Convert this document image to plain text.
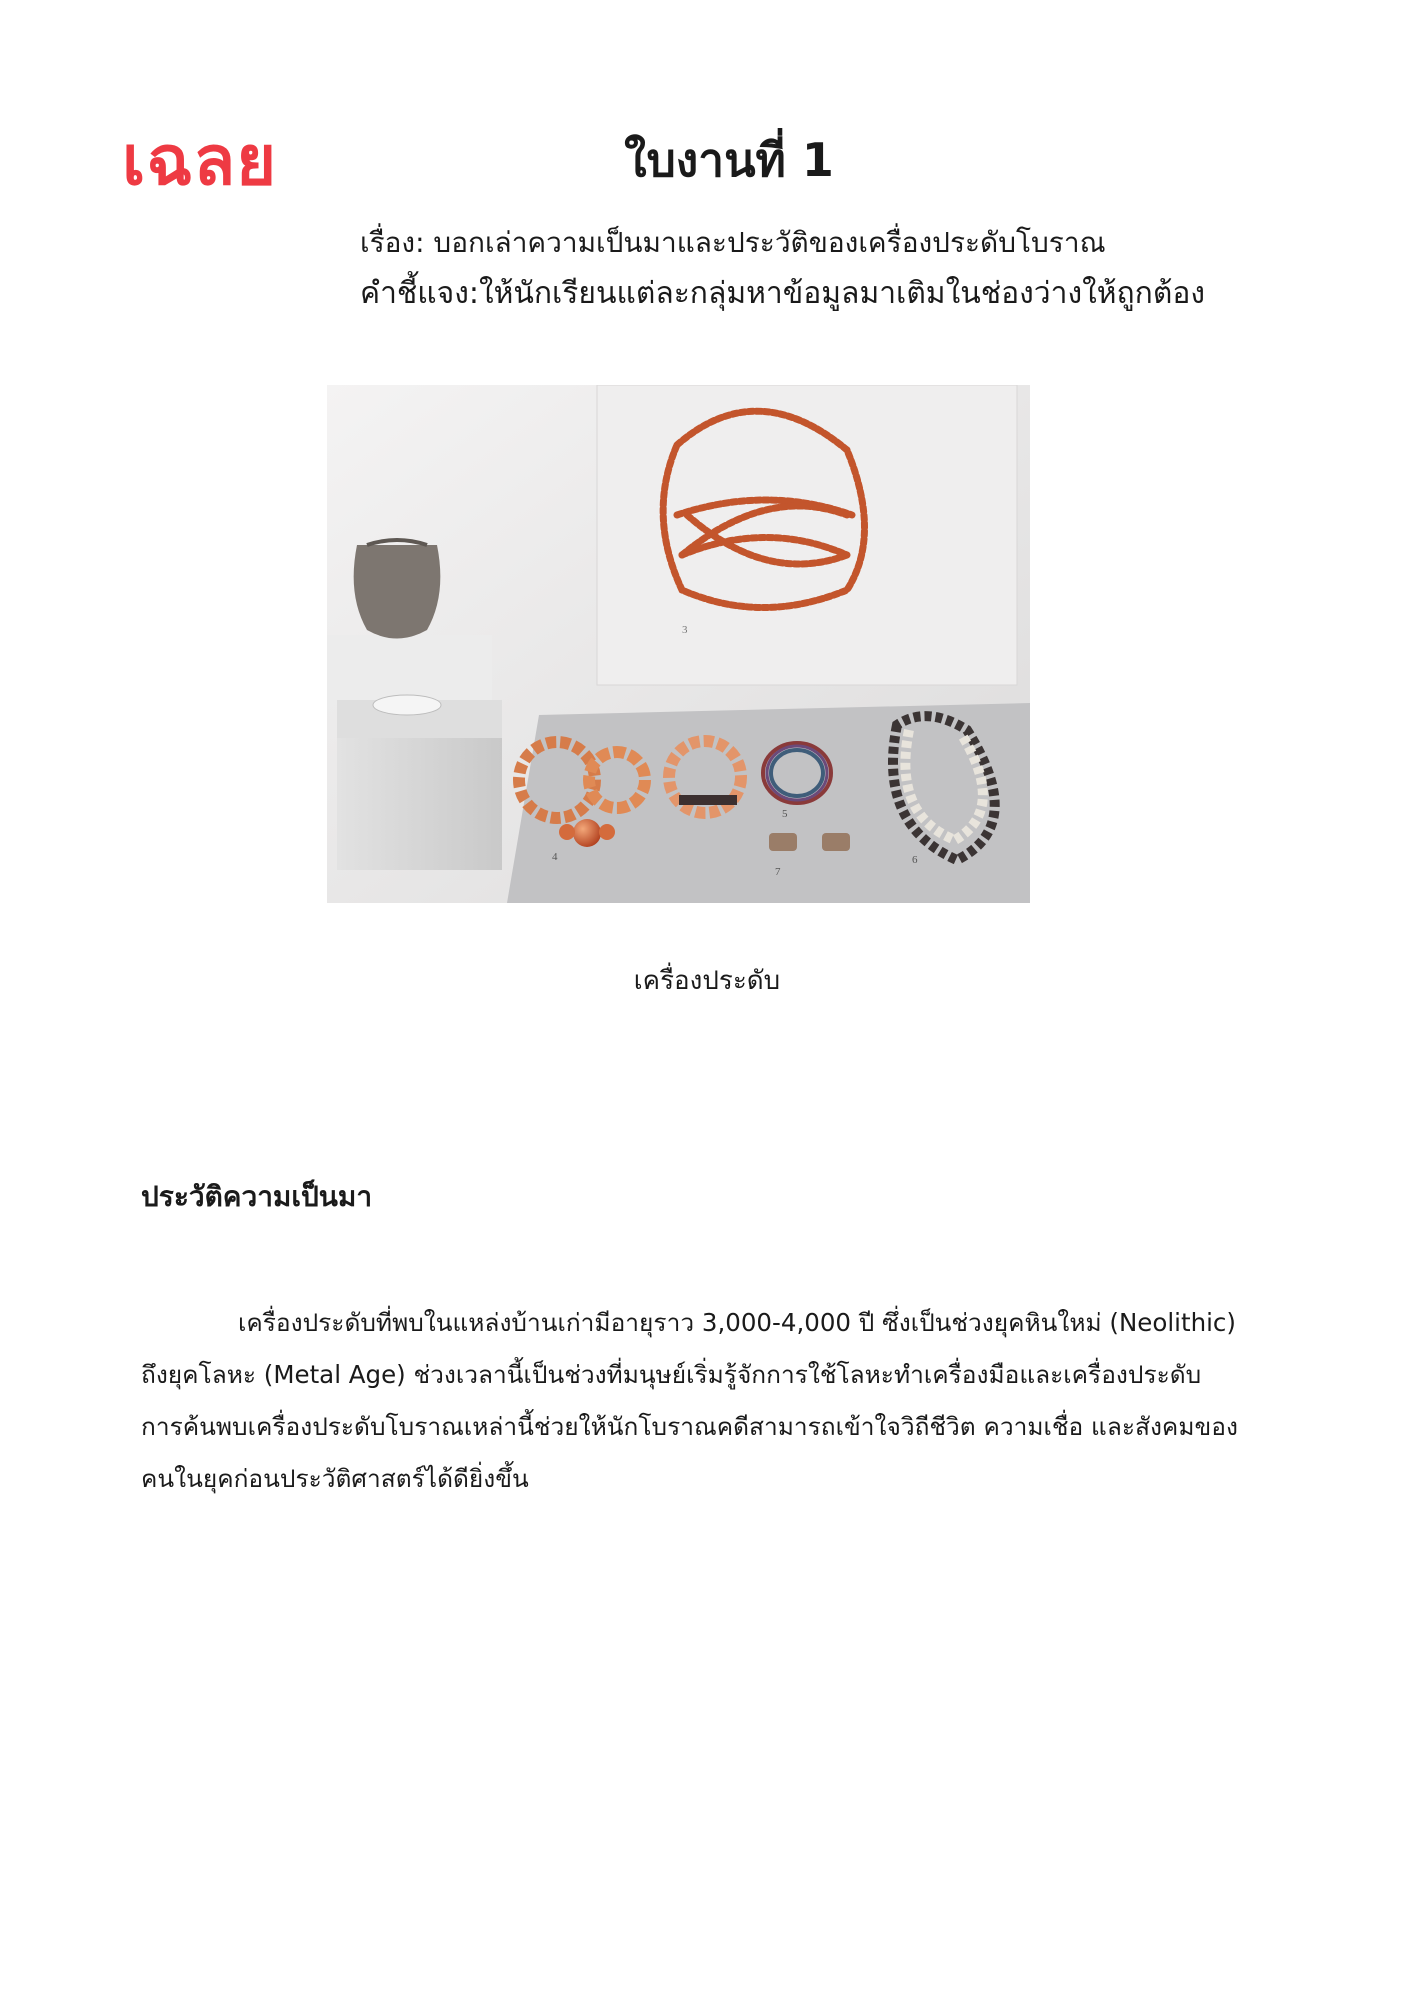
เฉลย	ใบงานที่ 1
เรื่อง: บอกเล่าความเป็นมาและประวัติของเครื่องประดับโบราณ
คำชี้แจง:ให้นักเรียนแต่ละกลุ่มหาข้อมูลมาเติมในช่องว่างให้ถูกต้อง
3
4
5
7
6
เครื่องประดับ
ประวัติความเป็นมา

เครื่องประดับที่พบในแหล่งบ้านเก่ามีอายุราว 3,000-4,000 ปี ซึ่งเป็นช่วงยุคหินใหม่ (Neolithic)

ถึงยุคโลหะ (Metal Age) ช่วงเวลานี้เป็นช่วงที่มนุษย์เริ่มรู้จักการใช้โลหะทำเครื่องมือและเครื่องประดับ

การค้นพบเครื่องประดับโบราณเหล่านี้ช่วยให้นักโบราณคดีสามารถเข้าใจวิถีชีวิต ความเชื่อ และสังคมของ

คนในยุคก่อนประวัติศาสตร์ได้ดียิ่งขึ้น
